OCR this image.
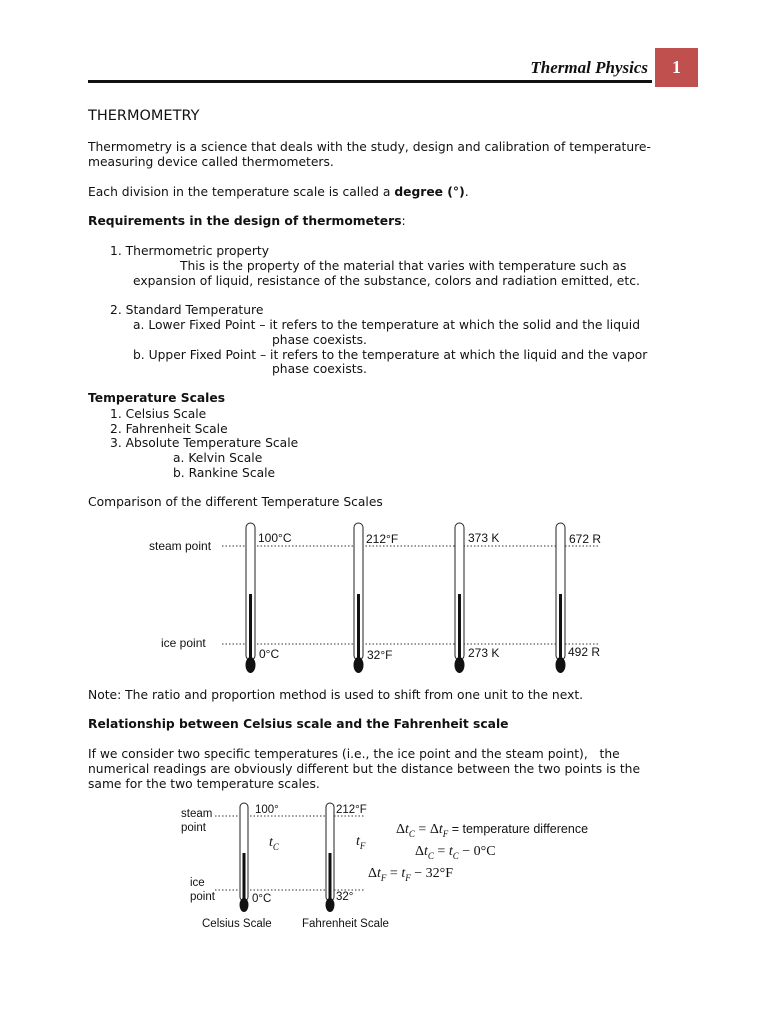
Thermal Physics	1
THERMOMETRY
Thermometry is a science that deals with the study, design and calibration of temperature-
measuring device called thermometers.
Each division in the temperature scale is called a degree (°).
Requirements in the design of thermometers:
1. Thermometric property
This is the property of the material that varies with temperature such as
expansion of liquid, resistance of the substance, colors and radiation emitted, etc.
2. Standard Temperature
a. Lower Fixed Point – it refers to the temperature at which the solid and the liquid
phase coexists.
b. Upper Fixed Point – it refers to the temperature at which the liquid and the vapor
phase coexists.
Temperature Scales
1. Celsius Scale
2. Fahrenheit Scale
3. Absolute Temperature Scale
a. Kelvin Scale
b. Rankine Scale
Comparison of the different Temperature Scales
steam point
ice point
100°C
0°C
212°F
32°F
373 K
273 K
672 R
492 R
Note: The ratio and proportion method is used to shift from one unit to the next.
Relationship between Celsius scale and the Fahrenheit scale
If we consider two specific temperatures (i.e., the ice point and the steam point),   the
numerical readings are obviously different but the distance between the two points is the
same for the two temperature scales.
steam
point
ice
point
100°
0°C
212°F
32°
$t_C$	$t_F$
Celsius Scale	Fahrenheit Scale
$\Delta t_C = \Delta t_F$ = temperature difference
$\Delta t_C = t_C - 0^\circ C$
$\Delta t_F = t_F - 32^\circ F$
